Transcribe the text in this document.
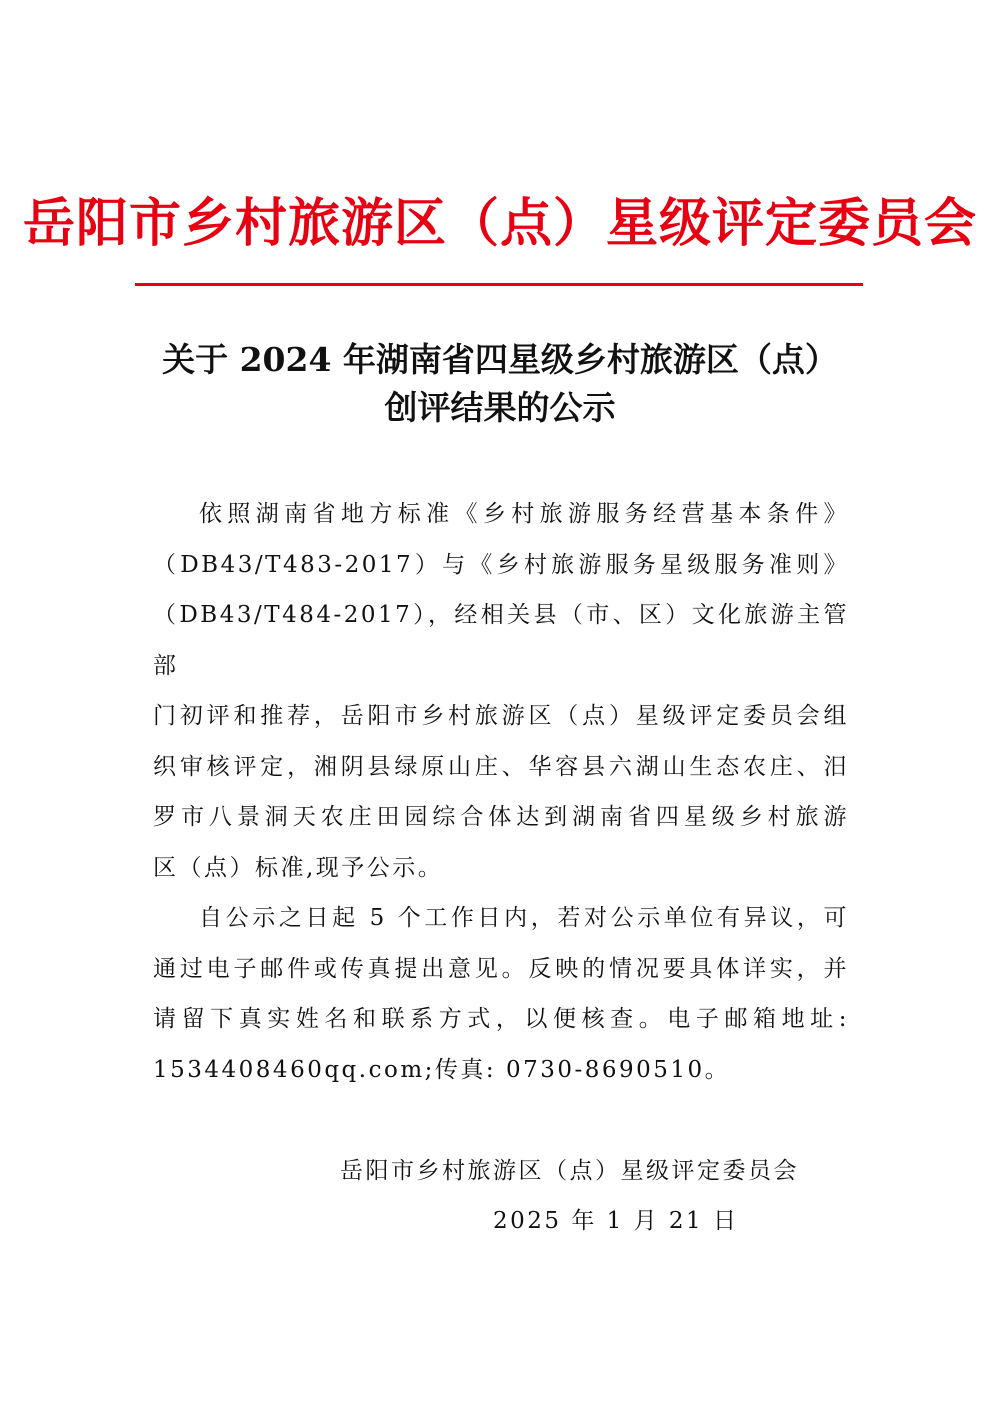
岳阳市乡村旅游区（点）星级评定委员会
关于 2024 年湖南省四星级乡村旅游区（点）
创评结果的公示

依照湖南省地方标准《乡村旅游服务经营基本条件》
（DB43/T483-2017）与《乡村旅游服务星级服务准则》
（DB43/T484-2017），经相关县（市、区）文化旅游主管部
门初评和推荐，岳阳市乡村旅游区（点）星级评定委员会组
织审核评定，湘阴县绿原山庄、华容县六湖山生态农庄、汨
罗市八景洞天农庄田园综合体达到湖南省四星级乡村旅游
区（点）标准,现予公示。

自公示之日起 5 个工作日内，若对公示单位有异议，可
通过电子邮件或传真提出意见。反映的情况要具体详实，并
请留下真实姓名和联系方式，以便核查。电子邮箱地址:
1534408460qq.com;传真: 0730-8690510。

岳阳市乡村旅游区（点）星级评定委员会
2025 年 1 月 21 日
